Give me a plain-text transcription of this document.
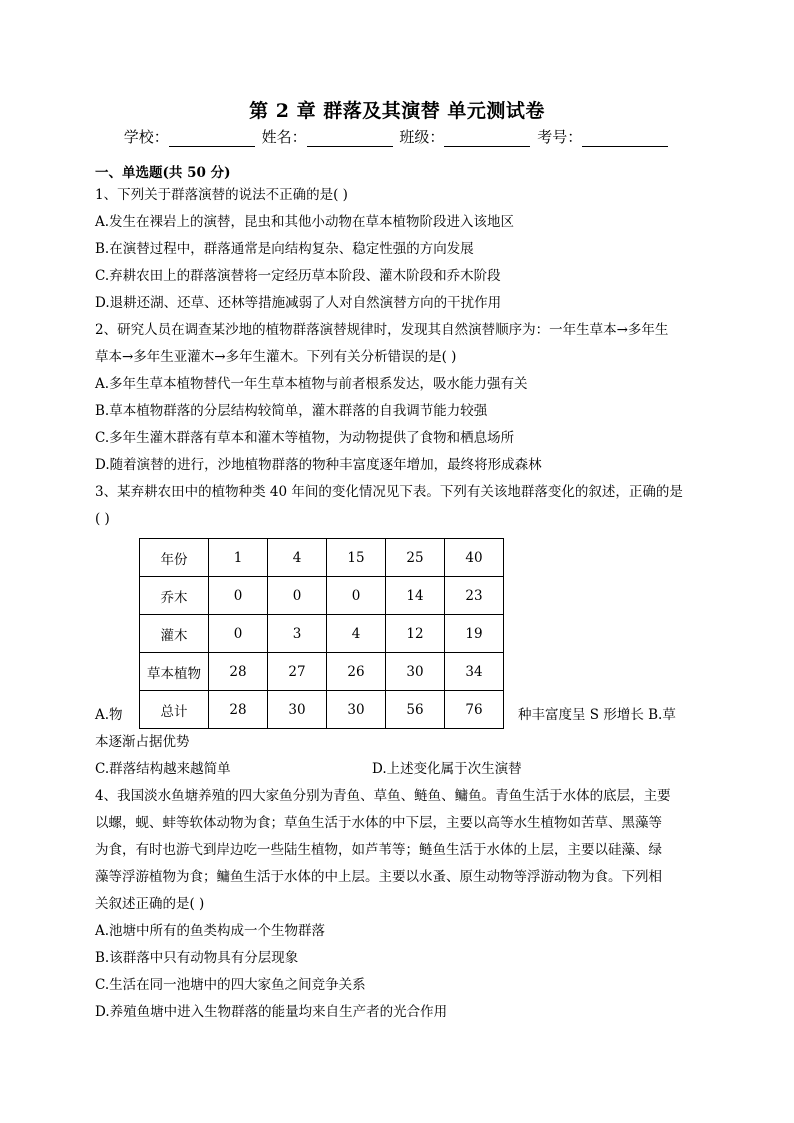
第 2 章 群落及其演替 单元测试卷
学校：	姓名：	班级：	考号：
一、单选题(共 50 分)
1、下列关于群落演替的说法不正确的是( )
A.发生在裸岩上的演替，昆虫和其他小动物在草本植物阶段进入该地区
B.在演替过程中，群落通常是向结构复杂、稳定性强的方向发展
C.弃耕农田上的群落演替将一定经历草本阶段、灌木阶段和乔木阶段
D.退耕还湖、还草、还林等措施减弱了人对自然演替方向的干扰作用
2、研究人员在调查某沙地的植物群落演替规律时，发现其自然演替顺序为：一年生草本→多年生
草本→多年生亚灌木→多年生灌木。下列有关分析错误的是( )
A.多年生草本植物替代一年生草本植物与前者根系发达，吸水能力强有关
B.草本植物群落的分层结构较简单，灌木群落的自我调节能力较强
C.多年生灌木群落有草本和灌木等植物，为动物提供了食物和栖息场所
D.随着演替的进行，沙地植物群落的物种丰富度逐年增加，最终将形成森林
3、某弃耕农田中的植物种类 40 年间的变化情况见下表。下列有关该地群落变化的叙述，正确的是
( )
年份	1	4	15	25	40
乔木	0	0	0	14	23
灌木	0	3	4	12	19
草本植物	28	27	26	30	34
总计	28	30	30	56	76
A.物	种丰富度呈 S 形增长 B.草
本逐渐占据优势
C.群落结构越来越简单	D.上述变化属于次生演替
4、我国淡水鱼塘养殖的四大家鱼分别为青鱼、草鱼、鲢鱼、鳙鱼。青鱼生活于水体的底层，主要
以螺，蚬、蚌等软体动物为食；草鱼生活于水体的中下层，主要以高等水生植物如苦草、黑藻等
为食，有时也游弋到岸边吃一些陆生植物，如芦苇等；鲢鱼生活于水体的上层，主要以硅藻、绿
藻等浮游植物为食；鳙鱼生活于水体的中上层。主要以水蚤、原生动物等浮游动物为食。下列相
关叙述正确的是( )
A.池塘中所有的鱼类构成一个生物群落
B.该群落中只有动物具有分层现象
C.生活在同一池塘中的四大家鱼之间竞争关系
D.养殖鱼塘中进入生物群落的能量均来自生产者的光合作用
